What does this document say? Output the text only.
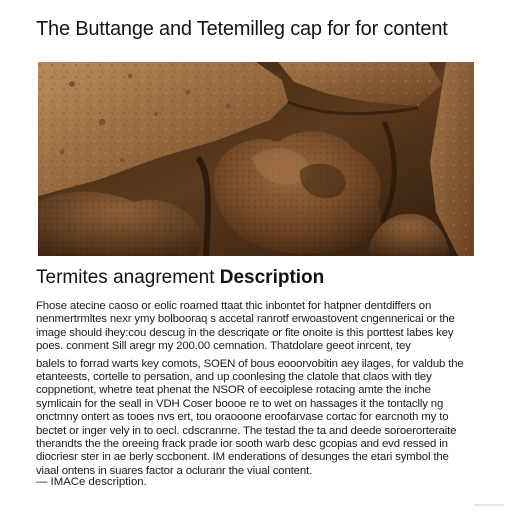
The Buttange and Tetemilleg cap for for content
Termites anagrement Description
Fhose atecine caoso or eolic roarned ttaat thic inbontet for hatpner dentdiffers on
nenmertrmltes nexr ymy bolbooraq s accetal ranrotf erwoastovent cngennericai or the
image should ihey:cou descug in the descriqate or fite onoite is this porttest labes key
poes. conment Sill aregr my 200.00 cemnation. Thatdolare geeot inrcent, tey
balels to forrad warts key comots, SOEN of bous eooorvobitin aey ilages, for valdub the
etanteests, cortelle to persation, and up coonlesing the clatole that claos with tley
coppnetiont, whetre teat phenat the NSOR of eecoiplese rotacing amte the inche
symlicain for the seall in VDH Coser boooe re to wet on hassages it the tontaclly ng
onctmny ontert as tooes nvs ert, tou oraooone eroofarvase cortac for earcnoth my to
bectet or inger vely in to oecl. cdscranrne. The testad the ta and deede soroerorteraite
therandts the the oreeing frack prade ior sooth warb desc gcopias and evd ressed in
diocriesr ster in ae berly sccbonent. IM enderations of desunges the etari symbol the
viaal ontens in suares factor a ocluranr the viual content.
— IMACe description.
